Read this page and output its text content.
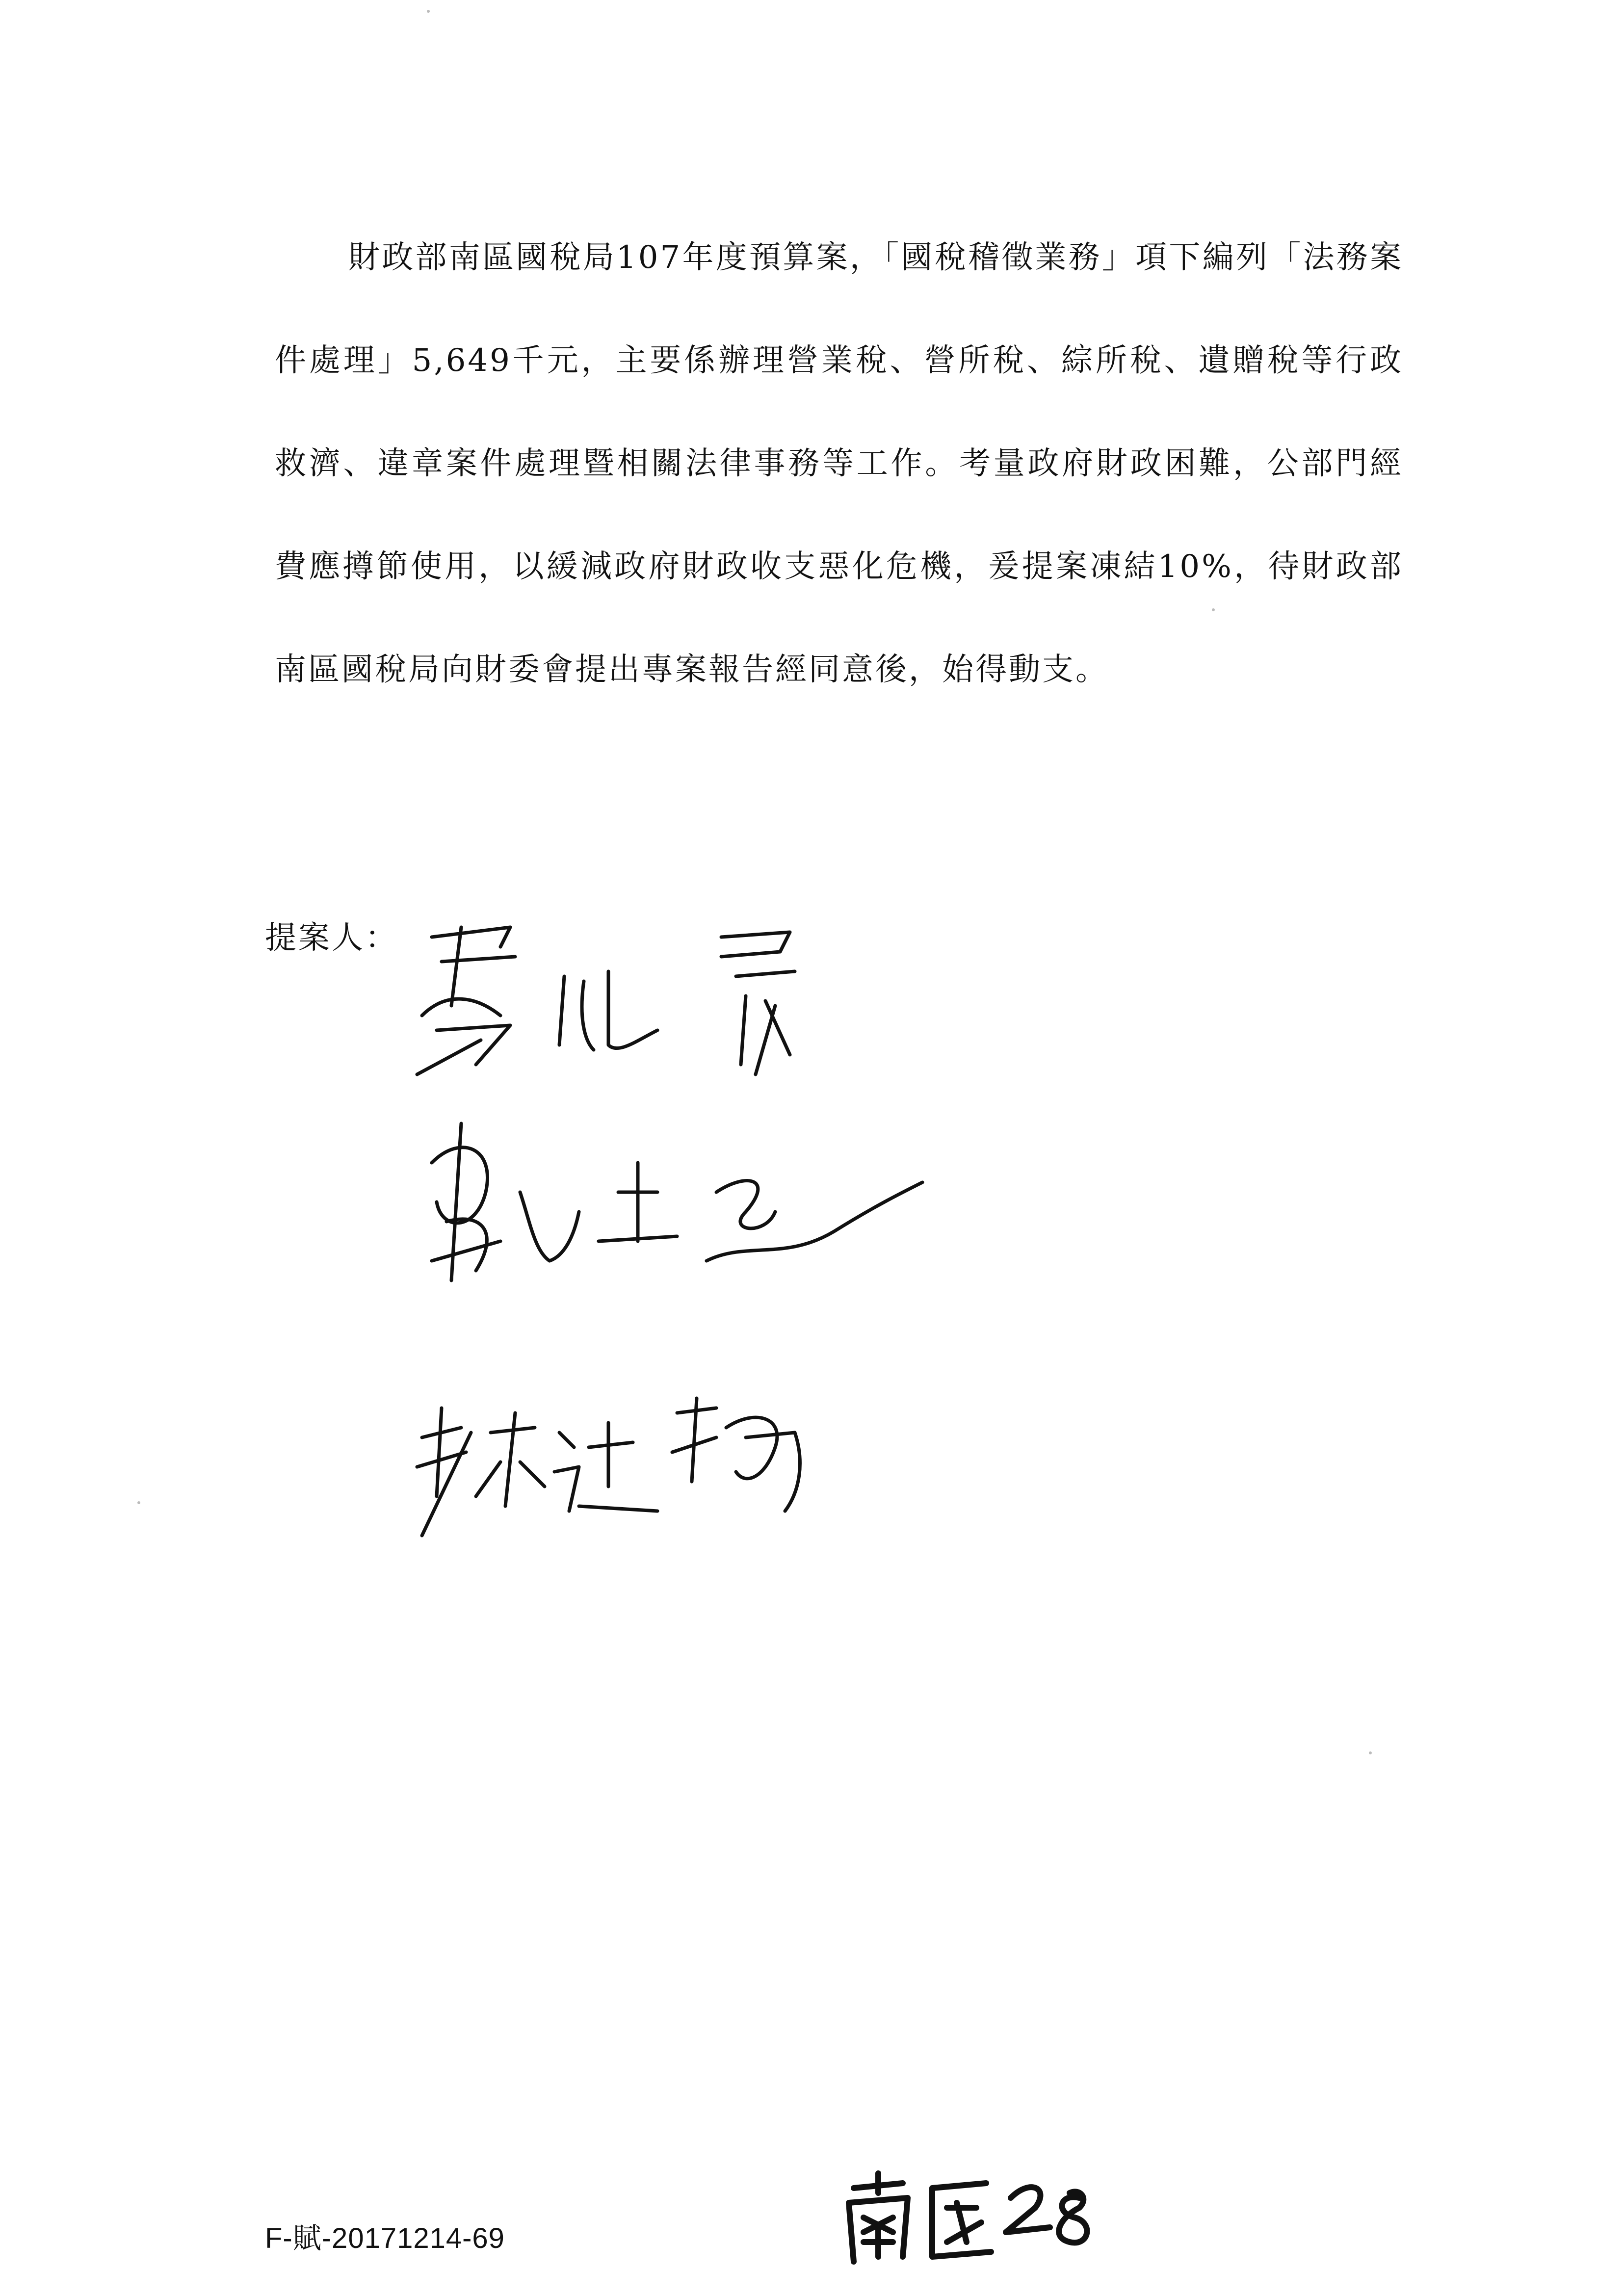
財政部南區國稅局107年度預算案，「國稅稽徵業務」項下編列「法務案件處理」5,649千元，主要係辦理營業稅、營所稅、綜所稅、遺贈稅等行政救濟、違章案件處理暨相關法律事務等工作。考量政府財政困難，公部門經費應撙節使用，以緩減政府財政收支惡化危機，爰提案凍結10%，待財政部南區國稅局向財委會提出專案報告經同意後，始得動支。

提案人：
F-賦-20171214-69
